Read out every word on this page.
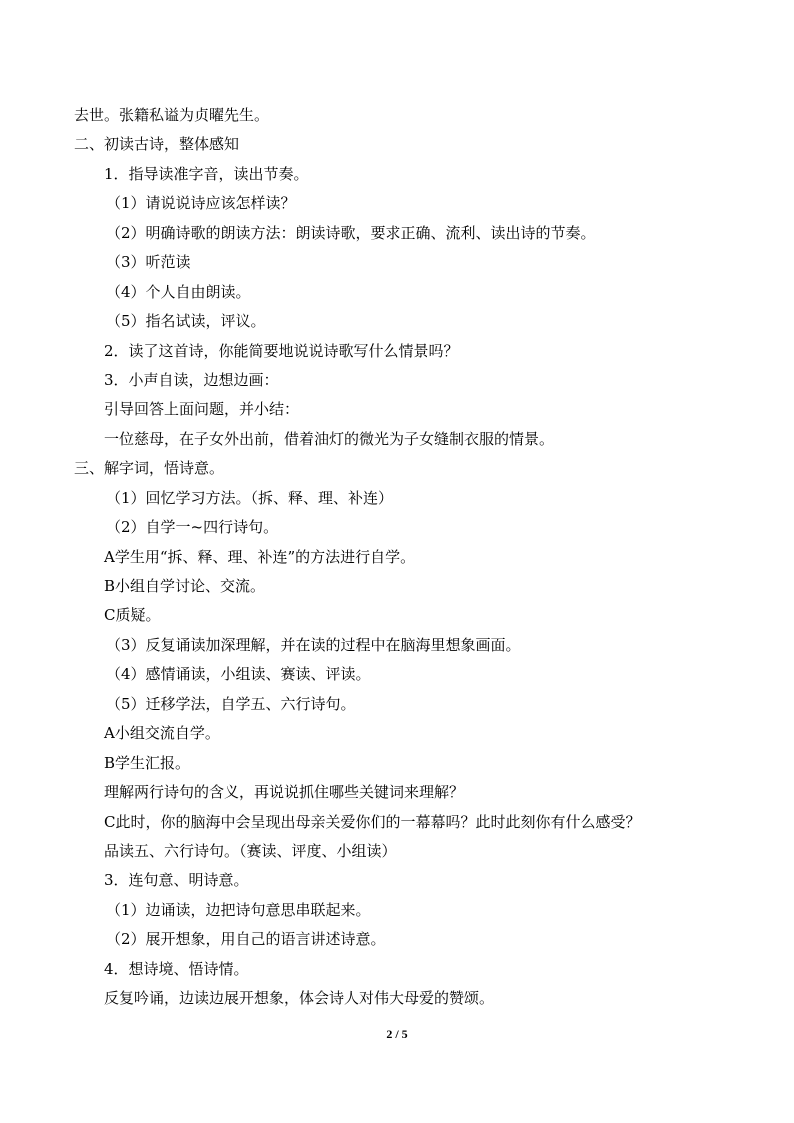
去世。张籍私谥为贞曜先生。
二、初读古诗，整体感知
1．指导读准字音，读出节奏。
（1）请说说诗应该怎样读？
（2）明确诗歌的朗读方法：朗读诗歌，要求正确、流利、读出诗的节奏。
（3）听范读
（4）个人自由朗读。
（5）指名试读，评议。
2．读了这首诗，你能简要地说说诗歌写什么情景吗？
3．小声自读，边想边画：
引导回答上面问题，并小结：
一位慈母，在子女外出前，借着油灯的微光为子女缝制衣服的情景。
三、解字词，悟诗意。
（1）回忆学习方法。（拆、释、理、补连）
（2）自学一~四行诗句。
A学生用“拆、释、理、补连”的方法进行自学。
B小组自学讨论、交流。
C质疑。
（3）反复诵读加深理解，并在读的过程中在脑海里想象画面。
（4）感情诵读，小组读、赛读、评读。
（5）迁移学法，自学五、六行诗句。
A小组交流自学。
B学生汇报。
理解两行诗句的含义，再说说抓住哪些关键词来理解？
C此时，你的脑海中会呈现出母亲关爱你们的一幕幕吗？此时此刻你有什么感受？
品读五、六行诗句。（赛读、评度、小组读）
3．连句意、明诗意。
（1）边诵读，边把诗句意思串联起来。
（2）展开想象，用自己的语言讲述诗意。
4．想诗境、悟诗情。
反复吟诵，边读边展开想象，体会诗人对伟大母爱的赞颂。
2 / 5
